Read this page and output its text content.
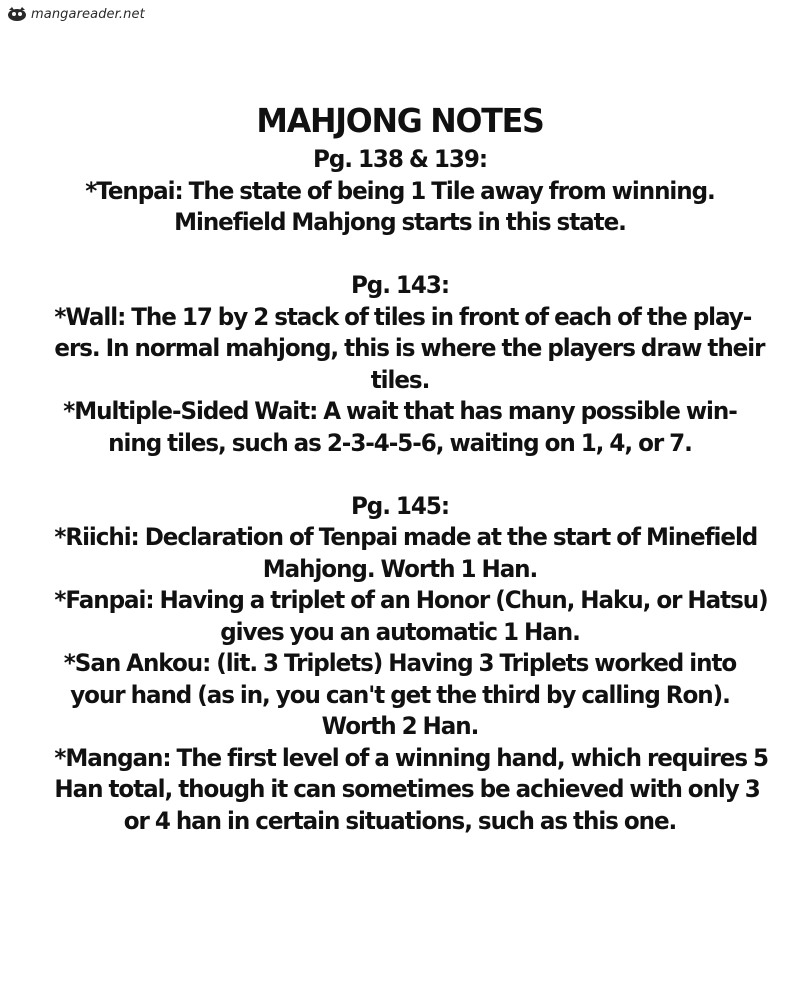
mangareader.net
MAHJONG NOTES
Pg. 138 & 139:
*Tenpai: The state of being 1 Tile away from winning.
Minefield Mahjong starts in this state.
Pg. 143:
*Wall: The 17 by 2 stack of tiles in front of each of the play-
ers. In normal mahjong, this is where the players draw their
tiles.
*Multiple-Sided Wait: A wait that has many possible win-
ning tiles, such as 2-3-4-5-6, waiting on 1, 4, or 7.
Pg. 145:
*Riichi: Declaration of Tenpai made at the start of Minefield
Mahjong. Worth 1 Han.
*Fanpai: Having a triplet of an Honor (Chun, Haku, or Hatsu)
gives you an automatic 1 Han.
*San Ankou: (lit. 3 Triplets) Having 3 Triplets worked into
your hand (as in, you can't get the third by calling Ron).
Worth 2 Han.
*Mangan: The first level of a winning hand, which requires 5
Han total, though it can sometimes be achieved with only 3
or 4 han in certain situations, such as this one.
